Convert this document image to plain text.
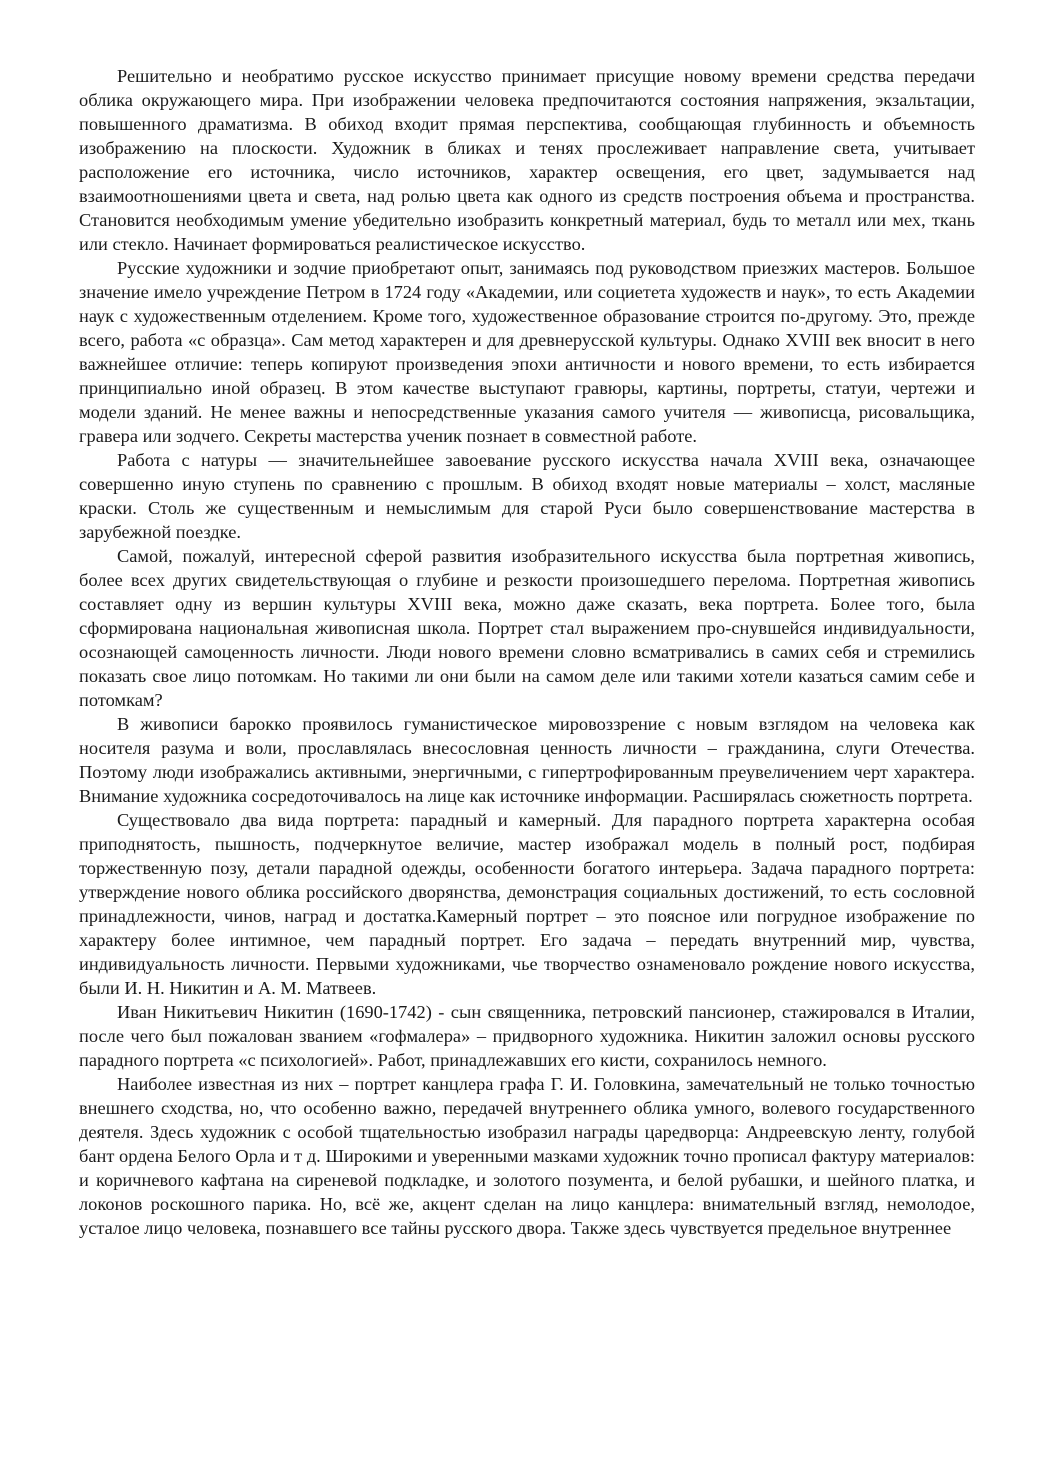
Решительно и необратимо русское искусство принимает присущие новому времени средства передачи облика окружающего мира. При изображении человека предпочитаются состояния напряжения, экзальтации, повышенного драматизма. В обиход входит прямая перспектива, сообщающая глубинность и объемность изображению на плоскости. Художник в бликах и тенях прослеживает направление света, учитывает расположение его источника, число источников, характер освещения, его цвет, задумывается над взаимоотношениями цвета и света, над ролью цвета как одного из средств построения объема и пространства. Становится необходимым умение убедительно изобразить конкретный материал, будь то металл или мех, ткань или стекло. Начинает формироваться реалистическое искусство.

Русские художники и зодчие приобретают опыт, занимаясь под руководством приезжих мастеров. Большое значение имело учреждение Петром в 1724 году «Академии, или социетета художеств и наук», то есть Академии наук с художественным отделением. Кроме того, художественное образование строится по-другому. Это, прежде всего, работа «с образца». Сам метод характерен и для древнерусской культуры. Однако XVIII век вносит в него важнейшее отличие: теперь копируют произведения эпохи античности и нового времени, то есть избирается принципиально иной образец. В этом качестве выступают гравюры, картины, портреты, статуи, чертежи и модели зданий. Не менее важны и непосредственные указания самого учителя — живописца, рисовальщика, гравера или зодчего. Секреты мастерства ученик познает в совместной работе.

Работа с натуры — значительнейшее завоевание русского искусства начала XVIII века, означающее совершенно иную ступень по сравнению с прошлым. В обиход входят новые материалы – холст, масляные краски. Столь же существенным и немыслимым для старой Руси было совершенствование мастерства в зарубежной поездке.

Самой, пожалуй, интересной сферой развития изобразительного искусства была портретная живопись, более всех других свидетельствующая о глубине и резкости произошедшего перелома. Портретная живопись составляет одну из вершин культуры XVIII века, можно даже сказать, века портрета. Более того, была сформирована национальная живописная школа. Портрет стал выражением про-снувшейся индивидуальности, осознающей самоценность личности. Люди нового времени словно всматривались в самих себя и стремились показать свое лицо потомкам. Но такими ли они были на самом деле или такими хотели казаться самим себе и потомкам?

В живописи барокко проявилось гуманистическое мировоззрение с новым взглядом на человека как носителя разума и воли, прославлялась внесословная ценность личности – гражданина, слуги Отечества. Поэтому люди изображались активными, энергичными, с гипертрофированным преувеличением черт характера. Внимание художника сосредоточивалось на лице как источнике информации. Расширялась сюжетность портрета.

Существовало два вида портрета: парадный и камерный. Для парадного портрета характерна особая приподнятость, пышность, подчеркнутое величие, мастер изображал модель в полный рост, подбирая торжественную позу, детали парадной одежды, особенности богатого интерьера. Задача парадного портрета: утверждение нового облика российского дворянства, демонстрация социальных достижений, то есть сословной принадлежности, чинов, наград и достатка.Камерный портрет – это поясное или погрудное изображение по характеру более интимное, чем парадный портрет. Его задача – передать внутренний мир, чувства, индивидуальность личности. Первыми художниками, чье творчество ознаменовало рождение нового искусства, были И. Н. Никитин и А. М. Матвеев.

Иван Никитьевич Никитин (1690-1742) - сын священника, петровский пансионер, стажировался в Италии, после чего был пожалован званием «гофмалера» – придворного художника. Никитин заложил основы русского парадного портрета «с психологией». Работ, принадлежавших его кисти, сохранилось немного.

Наиболее известная из них – портрет канцлера графа Г. И. Головкина, замечательный не только точностью внешнего сходства, но, что особенно важно, передачей внутреннего облика умного, волевого государственного деятеля. Здесь художник с особой тщательностью изобразил награды царедворца: Андреевскую ленту, голубой бант ордена Белого Орла и т д. Широкими и уверенными мазками художник точно прописал фактуру материалов: и коричневого кафтана на сиреневой подкладке, и золотого позумента, и белой рубашки, и шейного платка, и локонов роскошного парика. Но, всё же, акцент сделан на лицо канцлера: внимательный взгляд, немолодое, усталое лицо человека, познавшего все тайны русского двора. Также здесь чувствуется предельное внутреннее
